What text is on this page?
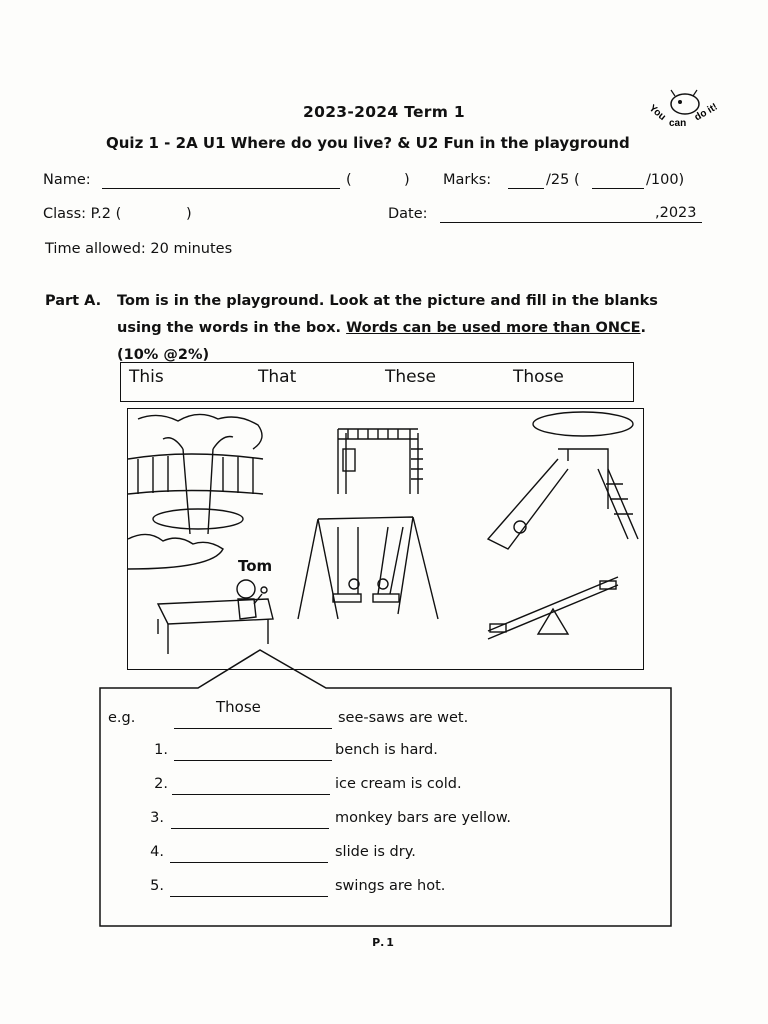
2023-2024 Term 1	You
can
do it!
Quiz 1 - 2A U1 Where do you live? & U2 Fun in the playground
Name:	(	) Marks:	/25 (	/100)
Class: P.2 (	)	Date:	,2023
Time allowed: 20 minutes
Part A. Tom is in the playground. Look at the picture and fill in the blanks
using the words in the box. Words can be used more than ONCE.
(10% @2%)
This	That	These	Those
Tom
e.g.
Those
see-saws are wet.
1.	bench is hard.
2.	ice cream is cold.
3.	monkey bars are yellow.
4.	slide is dry.
5.	swings are hot.
P.1
